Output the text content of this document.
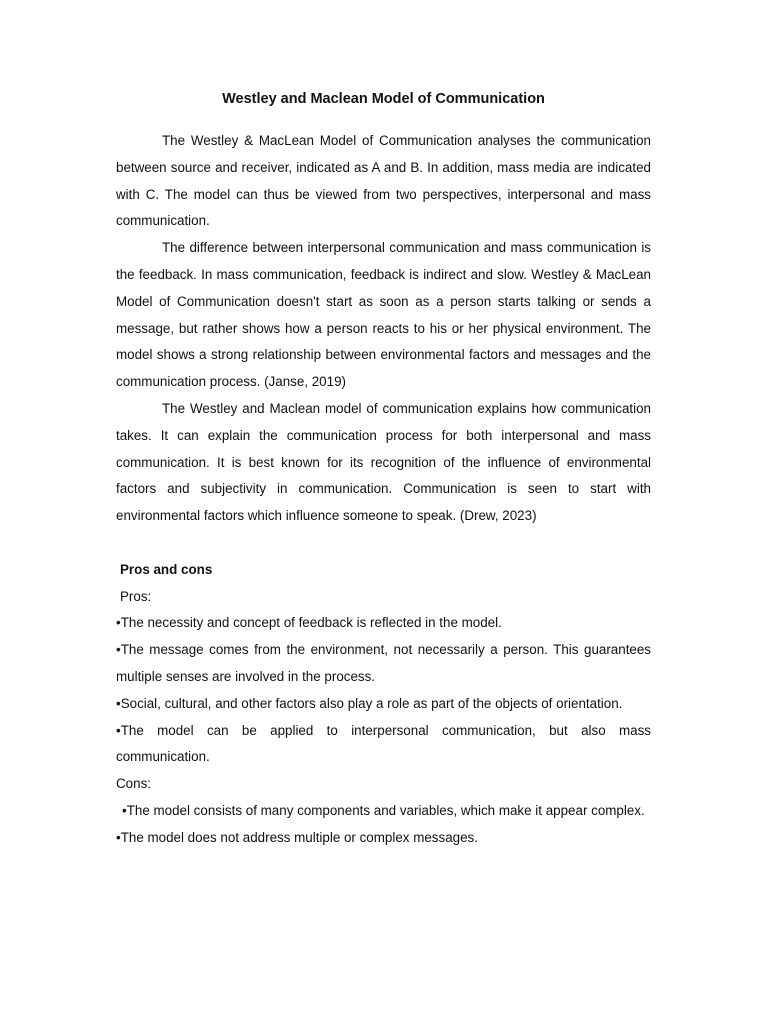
Westley and Maclean Model of Communication

The Westley & MacLean Model of Communication analyses the communication between source and receiver, indicated as A and B. In addition, mass media are indicated with C. The model can thus be viewed from two perspectives, interpersonal and mass communication.

The difference between interpersonal communication and mass communication is the feedback. In mass communication, feedback is indirect and slow. Westley & MacLean Model of Communication doesn't start as soon as a person starts talking or sends a message, but rather shows how a person reacts to his or her physical environment. The model shows a strong relationship between environmental factors and messages and the communication process. (Janse, 2019)

The Westley and Maclean model of communication explains how communication takes. It can explain the communication process for both interpersonal and mass communication. It is best known for its recognition of the influence of environmental factors and subjectivity in communication. Communication is seen to start with environmental factors which influence someone to speak. (Drew, 2023)

Pros and cons

Pros:

•The necessity and concept of feedback is reflected in the model.

•The message comes from the environment, not necessarily a person. This guarantees multiple senses are involved in the process.

•Social, cultural, and other factors also play a role as part of the objects of orientation.

•The model can be applied to interpersonal communication, but also mass communication.

Cons:

•The model consists of many components and variables, which make it appear complex.

•The model does not address multiple or complex messages.
